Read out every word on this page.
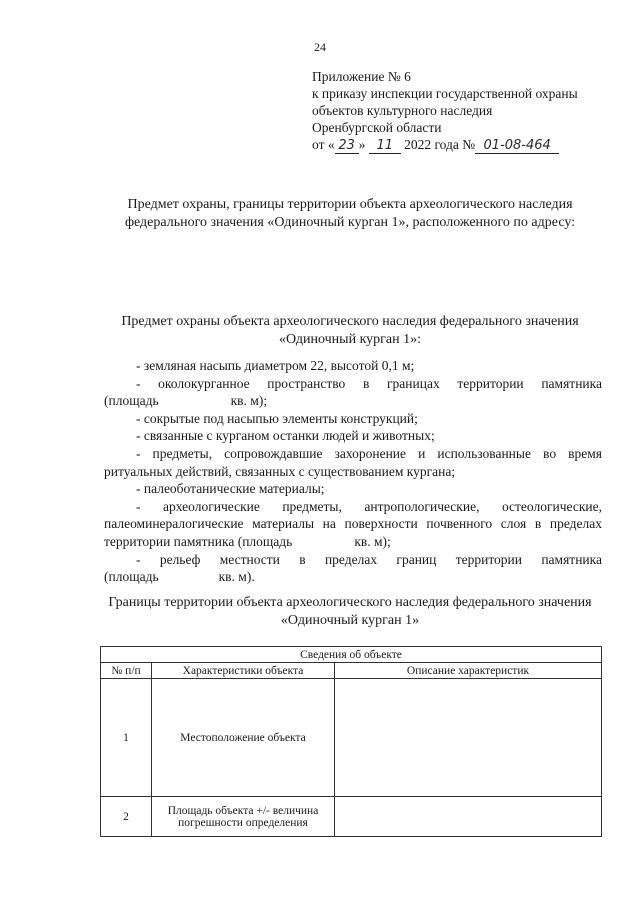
24
Приложение № 6
к приказу инспекции государственной охраны
объектов культурного наследия
Оренбургской области
от « 23 » 11 2022 года № 01-08-464
Предмет охраны, границы территории объекта археологического наследия федерального значения «Одиночный курган 1», расположенного по адресу:
Предмет охраны объекта археологического наследия федерального значения «Одиночный курган 1»:

- земляная насыпь диаметром 22, высотой 0,1 м;

- околокурганное пространство в границах территории памятника

(площадь	кв. м);

- сокрытые под насыпью элементы конструкций;

- связанные с курганом останки людей и животных;

- предметы, сопровождавшие захоронение и использованные во время ритуальных действий, связанных с существованием кургана;

- палеоботанические материалы;

- археологические предметы, антропологические, остеологические, палеоминералогические материалы на поверхности почвенного слоя в пределах территории памятника (площадь	кв. м);

- рельеф местности в пределах границ территории памятника

(площадь	кв. м).

Границы территории объекта археологического наследия федерального значения «Одиночный курган 1»
Сведения об объекте		
№ п/п	Характеристики объекта	Описание характеристик
1	Местоположение объекта	
2	Площадь объекта +/- величина погрешности определения	
